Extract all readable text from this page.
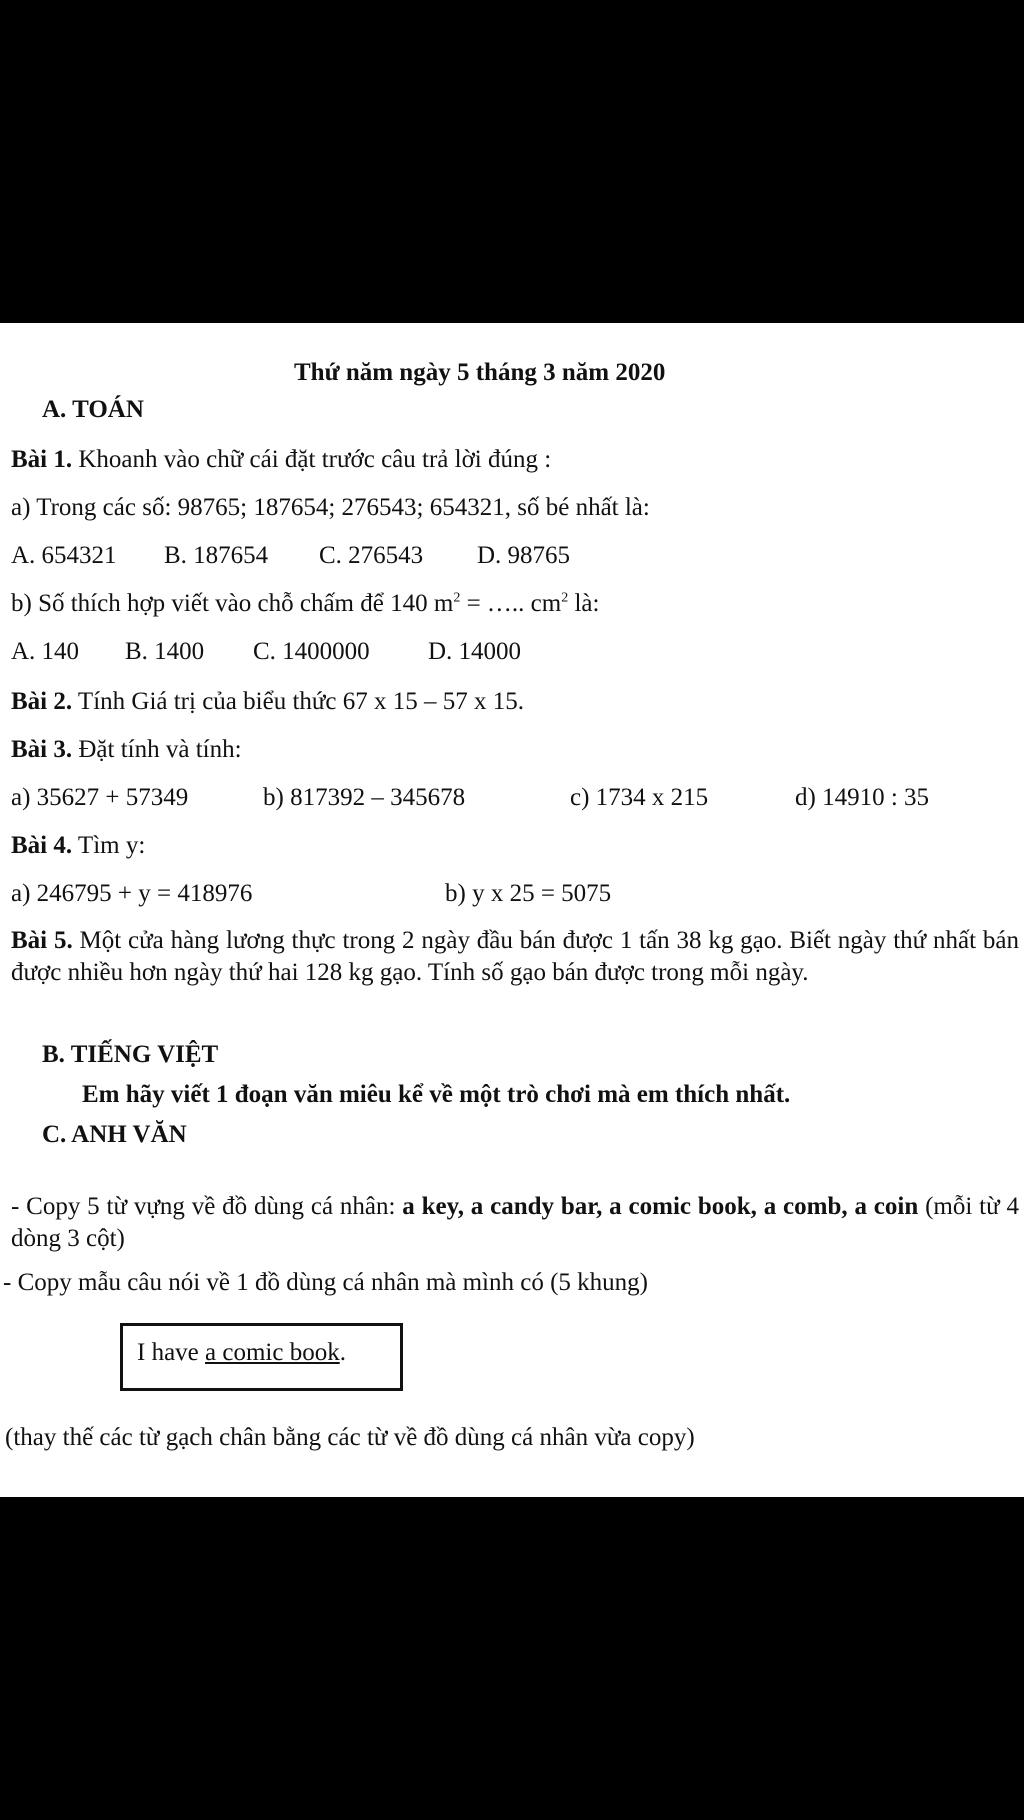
Thứ năm ngày 5 tháng 3 năm 2020
A. TOÁN
Bài 1. Khoanh vào chữ cái đặt trước câu trả lời đúng :
a) Trong các số: 98765; 187654; 276543; 654321, số bé nhất là:
A. 654321 B. 187654 C. 276543 D. 98765
b) Số thích hợp viết vào chỗ chấm để 140 $m^2$ = ….. $cm^2$ là:
A. 140 B. 1400 C. 1400000 D. 14000
Bài 2. Tính Giá trị của biểu thức 67 x 15 – 57 x 15.
Bài 3. Đặt tính và tính:
a) 35627 + 57349	b) 817392 – 345678	c) 1734 x 215	d) 14910 : 35
Bài 4. Tìm y:
a) 246795 + y = 418976	b) y x 25 = 5075
Bài 5. Một cửa hàng lương thực trong 2 ngày đầu bán được 1 tấn 38 kg gạo. Biết ngày thứ nhất bán được nhiều hơn ngày thứ hai 128 kg gạo. Tính số gạo bán được trong mỗi ngày.
B. TIẾNG VIỆT
Em hãy viết 1 đoạn văn miêu kể về một trò chơi mà em thích nhất.
C. ANH VĂN
- Copy 5 từ vựng về đồ dùng cá nhân: a key, a candy bar, a comic book, a comb, a coin (mỗi từ 4 dòng 3 cột)
- Copy mẫu câu nói về 1 đồ dùng cá nhân mà mình có (5 khung)
I have a comic book.
(thay thế các từ gạch chân bằng các từ về đồ dùng cá nhân vừa copy)
